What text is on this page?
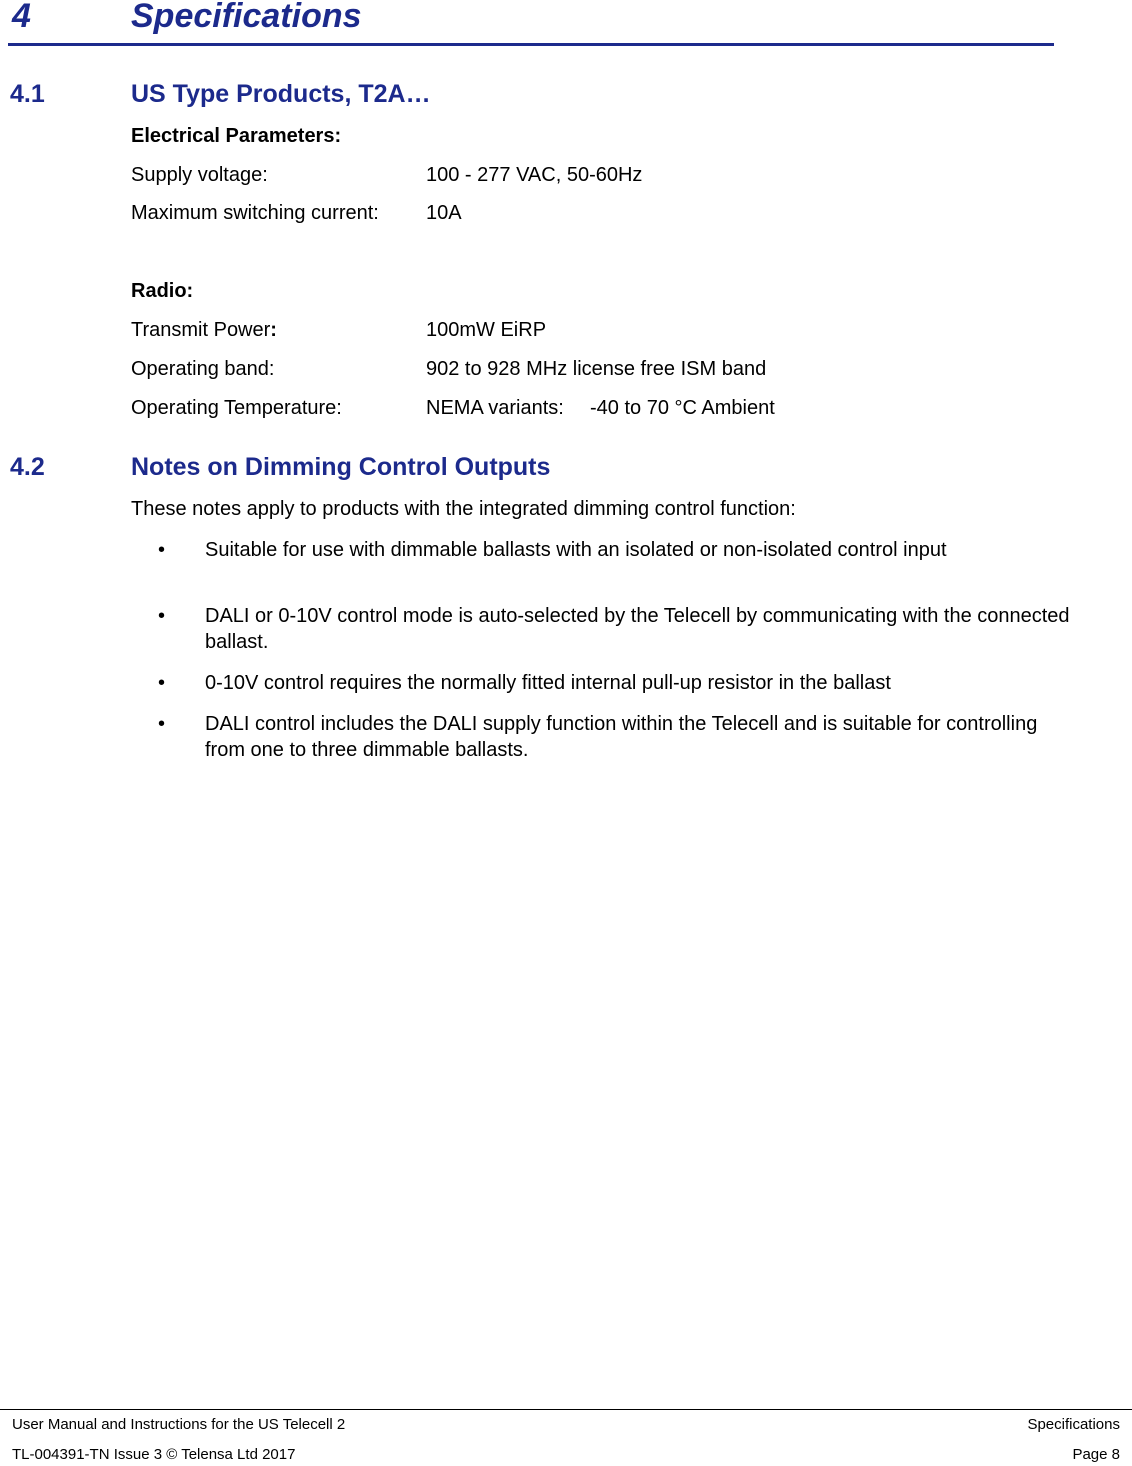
4	Specifications
4.1	US Type Products, T2A…
Electrical Parameters:
Supply voltage:	100 - 277 VAC, 50-60Hz
Maximum switching current: 10A
Radio:
Transmit Power:	100mW EiRP
Operating band:	902 to 928 MHz license free ISM band
Operating Temperature:	NEMA variants: -40 to 70 °C Ambient
4.2	Notes on Dimming Control Outputs
These notes apply to products with the integrated dimming control function:
• Suitable for use with dimmable ballasts with an isolated or non-isolated control input
• DALI or 0-10V control mode is auto-selected by the Telecell by communicating with the connected ballast.
• 0-10V control requires the normally fitted internal pull-up resistor in the ballast
• DALI control includes the DALI supply function within the Telecell and is suitable for controlling from one to three dimmable ballasts.
User Manual and Instructions for the US Telecell 2
TL-004391-TN Issue 3 © Telensa Ltd 2017
Specifications
Page 8
